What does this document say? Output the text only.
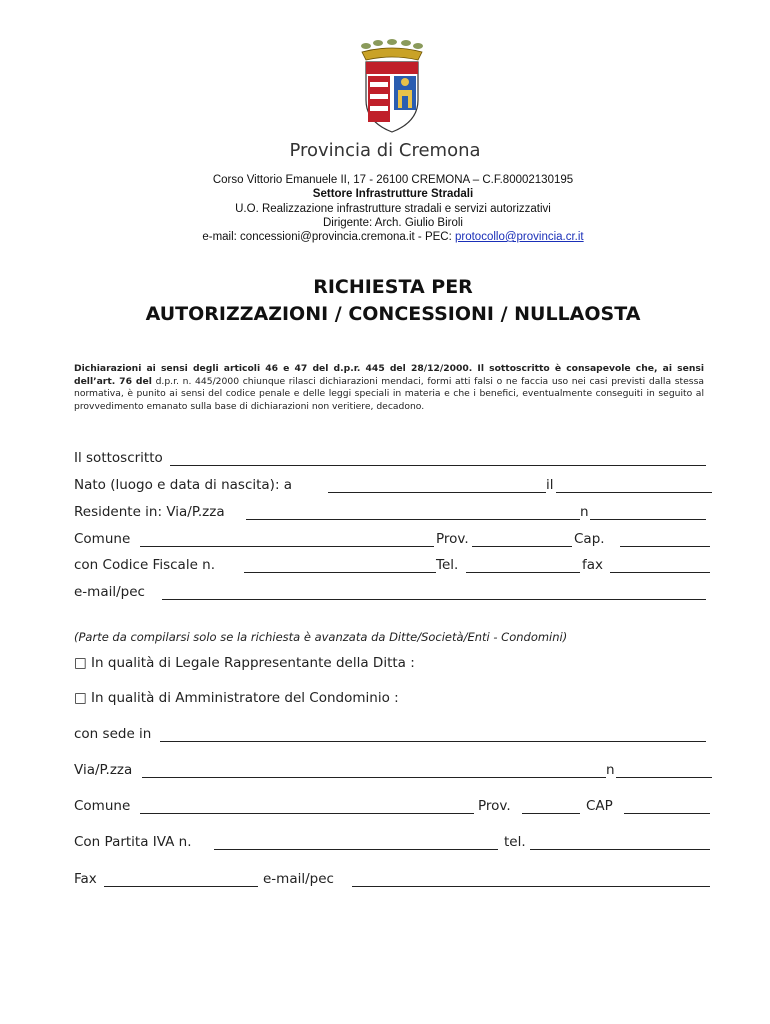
Provincia di Cremona
Corso Vittorio Emanuele II, 17 - 26100 CREMONA – C.F.80002130195
Settore Infrastrutture Stradali
U.O. Realizzazione infrastrutture stradali e servizi autorizzativi
Dirigente: Arch. Giulio Biroli
e-mail: concessioni@provincia.cremona.it - PEC: protocollo@provincia.cr.it
RICHIESTA PER
AUTORIZZAZIONI / CONCESSIONI / NULLAOSTA
Dichiarazioni ai sensi degli articoli 46 e 47 del d.p.r. 445 del 28/12/2000. Il sottoscritto è consapevole che, ai sensi dell’art. 76 del d.p.r. n. 445/2000 chiunque rilasci dichiarazioni mendaci, formi atti falsi o ne faccia uso nei casi previsti dalla stessa normativa, è punito ai sensi del codice penale e delle leggi speciali in materia e che i benefici, eventualmente conseguiti in seguito al provvedimento emanato sulla base di dichiarazioni non veritiere, decadono.
Il sottoscritto
Nato (luogo e data di nascita): a	il
Residente in: Via/P.zza	n
Comune	Prov.	Cap.
con Codice Fiscale n.	Tel.	fax
e-mail/pec
(Parte da compilarsi solo se la richiesta è avanzata da Ditte/Società/Enti - Condomini)
□ In qualità di Legale Rappresentante della Ditta :
□ In qualità di Amministratore del Condominio :
con sede in
Via/P.zza	n
Comune	Prov.	CAP
Con Partita IVA n.	tel.
Fax	e-mail/pec
